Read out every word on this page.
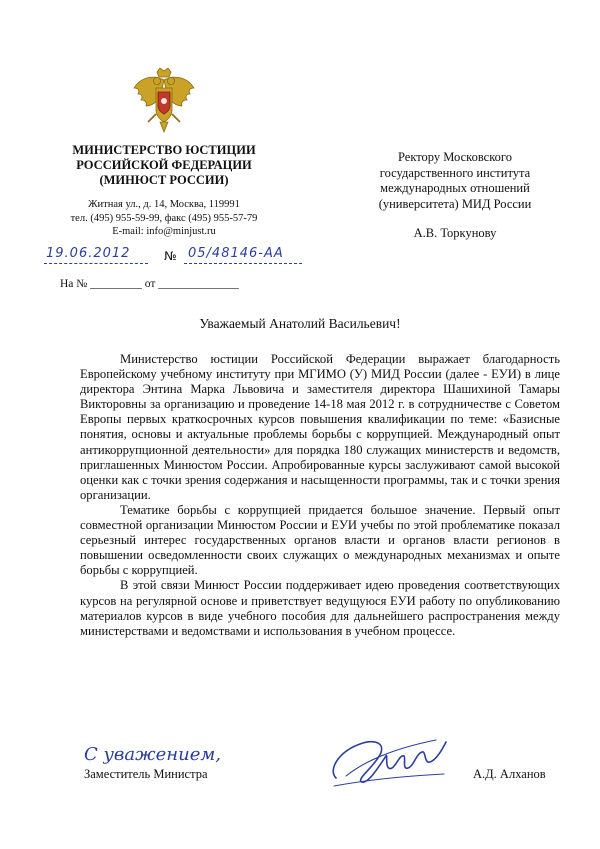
МИНИСТЕРСТВО ЮСТИЦИИ
РОССИЙСКОЙ ФЕДЕРАЦИИ
(МИНЮСТ РОССИИ)
Житная ул., д. 14, Москва, 119991
тел. (495) 955-59-99, факс (495) 955-57-79
E-mail: info@minjust.ru
19.06.2012	№ 05/48146-АА
На № _________ от ______________
Ректору Московского
государственного института
международных отношений
(университета) МИД России
А.В. Торкунову
Уважаемый Анатолий Васильевич!

Министерство юстиции Российской Федерации выражает благодарность Европейскому учебному институту при МГИМО (У) МИД России (далее - ЕУИ) в лице директора Энтина Марка Львовича и заместителя директора Шашихиной Тамары Викторовны за организацию и проведение 14-18 мая 2012 г. в сотрудничестве с Советом Европы первых краткосрочных курсов повышения квалификации по теме: «Базисные понятия, основы и актуальные проблемы борьбы с коррупцией. Международный опыт антикоррупционной деятельности» для порядка 180 служащих министерств и ведомств, приглашенных Минюстом России. Апробированные курсы заслуживают самой высокой оценки как с точки зрения содержания и насыщенности программы, так и с точки зрения организации.

Тематике борьбы с коррупцией придается большое значение. Первый опыт совместной организации Минюстом России и ЕУИ учебы по этой проблематике показал серьезный интерес государственных органов власти и органов власти регионов в повышении осведомленности своих служащих о международных механизмах и опыте борьбы с коррупцией.

В этой связи Минюст России поддерживает идею проведения соответствующих курсов на регулярной основе и приветствует ведущуюся ЕУИ работу по опубликованию материалов курсов в виде учебного пособия для дальнейшего распространения между министерствами и ведомствами и использования в учебном процессе.

С уважением,
Заместитель Министра	А.Д. Алханов
